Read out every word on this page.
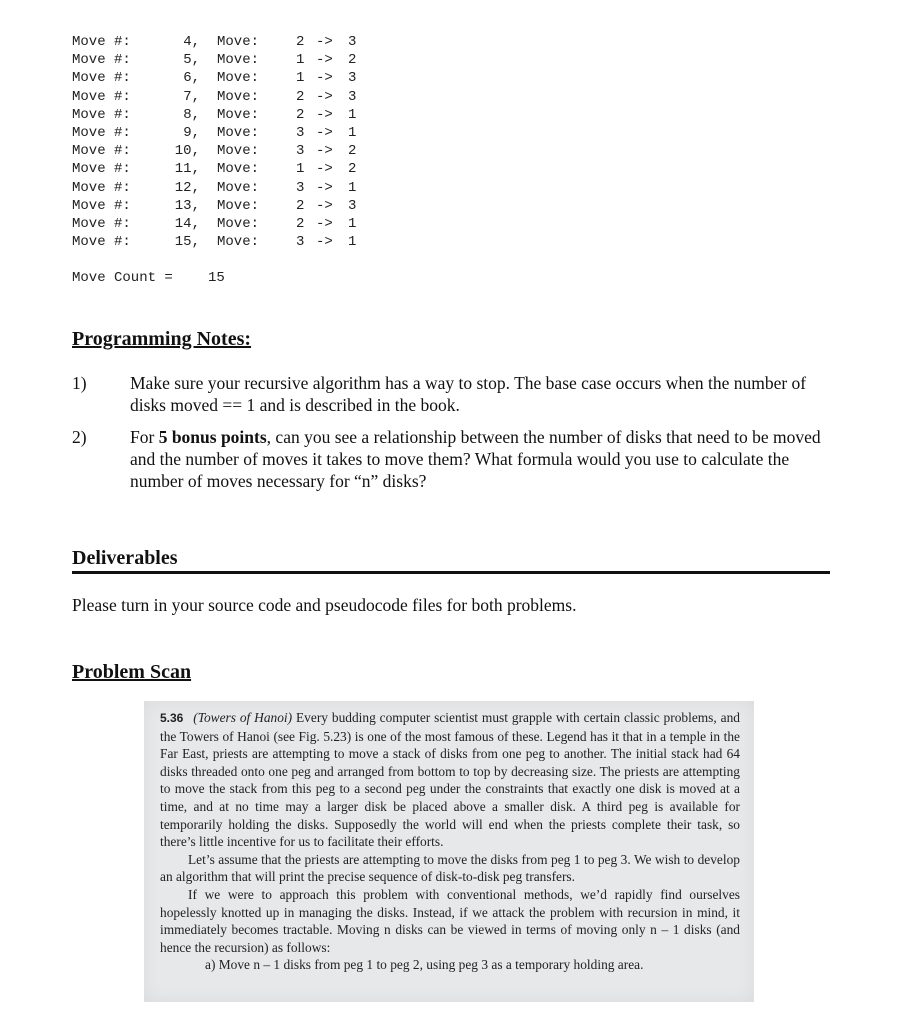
Move #:	4, Move:	2 -> 3
Move #:	5, Move:	1 -> 2
Move #:	6, Move:	1 -> 3
Move #:	7, Move:	2 -> 3
Move #:	8, Move:	2 -> 1
Move #:	9, Move:	3 -> 1
Move #:	10, Move:	3 -> 2
Move #:	11, Move:	1 -> 2
Move #:	12, Move:	3 -> 1
Move #:	13, Move:	2 -> 3
Move #:	14, Move:	2 -> 1
Move #:	15, Move:	3 -> 1

Move Count =	15

Programming Notes:
1) Make sure your recursive algorithm has a way to stop. The base case occurs when the number of disks moved == 1 and is described in the book.
2) For 5 bonus points, can you see a relationship between the number of disks that need to be moved and the number of moves it takes to move them? What formula would you use to calculate the number of moves necessary for “n” disks?
Deliverables
Please turn in your source code and pseudocode files for both problems.
Problem Scan

5.36 (Towers of Hanoi) Every budding computer scientist must grapple with certain classic problems, and the Towers of Hanoi (see Fig. 5.23) is one of the most famous of these. Legend has it that in a temple in the Far East, priests are attempting to move a stack of disks from one peg to another. The initial stack had 64 disks threaded onto one peg and arranged from bottom to top by decreasing size. The priests are attempting to move the stack from this peg to a second peg under the constraints that exactly one disk is moved at a time, and at no time may a larger disk be placed above a smaller disk. A third peg is available for temporarily holding the disks. Supposedly the world will end when the priests complete their task, so there’s little incentive for us to facilitate their efforts.

Let’s assume that the priests are attempting to move the disks from peg 1 to peg 3. We wish to develop an algorithm that will print the precise sequence of disk-to-disk peg transfers.

If we were to approach this problem with conventional methods, we’d rapidly find ourselves hopelessly knotted up in managing the disks. Instead, if we attack the problem with recursion in mind, it immediately becomes tractable. Moving n disks can be viewed in terms of moving only n – 1 disks (and hence the recursion) as follows:

a) Move n – 1 disks from peg 1 to peg 2, using peg 3 as a temporary holding area.
